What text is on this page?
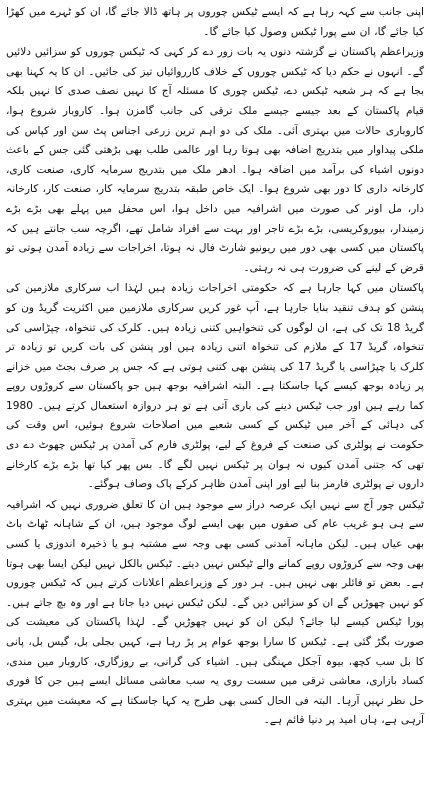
اپنی جانب سے کہہ رہا ہے کہ ایسے ٹیکس چوروں پر ہاتھ ڈالا جائے گا، ان کو ٹہرے میں کھڑا کیا جائے گا، ان سے پورا ٹیکس وصول کیا جائے گا۔

وزیراعظم پاکستان نے گزشتہ دنوں یہ بات زور دے کر کہی کہ ٹیکس چوروں کو سزائیں دلائیں گے۔ انہوں نے حکم دیا کہ ٹیکس چوروں کے خلاف کارروائیاں تیز کی جائیں۔ ان کا یہ کہنا بھی بجا ہے کہ ہر شعبہ ٹیکس دے، ٹیکس چوری کا مسئلہ آج کا نہیں نصف صدی کا نہیں بلکہ قیام پاکستان کے بعد جیسے جیسے ملک ترقی کی جانب گامزن ہوا۔ کاروبار شروع ہوا، کاروباری حالات میں بہتری آئی۔ ملک کی دو اہم ترین زرعی اجناس پٹ سن اور کپاس کی ملکی پیداوار میں بتدریج اضافہ بھی ہوتا رہا اور عالمی طلب بھی بڑھتی گئی جس کے باعث دونوں اشیاء کی برآمد میں اضافہ ہوا۔ ادھر ملک میں بتدریج سرمایہ کاری، صنعت کاری، کارخانہ داری کا دور بھی شروع ہوا۔ ایک خاص طبقہ بتدریج سرمایہ کار، صنعت کار، کارخانہ دار، مل اونر کی صورت میں اشرافیہ میں داخل ہوا، اس محفل میں پہلے بھی بڑے بڑے زمیندار، بیوروکریسی، بڑے بڑے تاجر اور بہت سے افراد شامل تھے، اگرچہ سب جانتے ہیں کہ پاکستان میں کسی بھی دور میں ریونیو شارٹ فال نہ ہوتا، اخراجات سے زیادہ آمدن ہوتی تو قرض کے لینے کی ضرورت ہی نہ رہتی۔

پاکستان میں کہا جارہا ہے کہ حکومتی اخراجات زیادہ ہیں لہٰذا اب سرکاری ملازمین کی پنشن کو ہدف تنقید بنایا جارہا ہے، آپ غور کریں سرکاری ملازمین میں اکثریت گریڈ ون کو گریڈ 18 تک کی ہے، ان لوگوں کی تنخواہیں کتنی زیادہ ہیں۔ کلرک کی تنخواہ، چپڑاسی کی تنخواہ، گریڈ 17 کے ملازم کی تنخواہ اتنی زیادہ ہیں اور پنشن کی بات کریں تو زیادہ تر کلرک یا چپڑاسی یا گریڈ 17 کی پنشن بھی کتنی ہوتی ہے کہ جس پر صرف بجٹ میں خزانے پر زیادہ بوجھ کیسے کہا جاسکتا ہے۔ البتہ اشرافیہ بوجھ ہیں جو پاکستان سے کروڑوں روپے کما رہے ہیں اور جب ٹیکس دینے کی باری آتی ہے تو ہر دروازہ استعمال کرتے ہیں۔ 1980 کی دہائی کے آخر میں ٹیکس کے کسی شعبے میں اصلاحات شروع ہوئیں، اس وقت کی حکومت نے پولٹری کی صنعت کے فروغ کے لیے، پولٹری فارم کی آمدن پر ٹیکس چھوٹ دے دی تھی کہ جتنی آمدن کیوں نہ ہوان پر ٹیکس نہیں لگے گا۔ بس پھر کیا تھا بڑے بڑے کارخانے داروں نے پولٹری فارمز بنا لیے اور اپنی آمدن ظاہر کرکے پاک وصاف ہوگئے۔

ٹیکس چور آج سے نہیں ایک عرصہ دراز سے موجود ہیں ان کا تعلق ضروری نہیں کہ اشرافیہ سے ہی ہو غریب عام کی صفوں میں بھی ایسے لوگ موجود ہیں، ان کے شاہانہ ٹھاٹ باٹ بھی عیاں ہیں۔ لیکن ماہانہ آمدنی کسی بھی وجہ سے مشتبہ ہو یا ذخیرہ اندوزی یا کسی بھی وجہ سے کروڑوں روپے کمانے والے ٹیکس نہیں دیتے۔ ٹیکس بالکل نہیں لیکن ایسا بھی ہوتا ہے۔ بعض تو فائلر بھی نہیں ہیں۔ ہر دور کے وزیراعظم اعلانات کرتے ہیں کہ ٹیکس چوروں کو نہیں چھوڑیں گے ان کو سزائیں دیں گے۔ لیکن ٹیکس نہیں دیا جاتا ہے اور وہ بچ جاتے ہیں۔ پورا ٹیکس کیسے لیا جائے؟ لیکن ان کو نہیں چھوڑیں گے۔ لہٰذا پاکستان کی معیشت کی صورت بگڑ گئی ہے۔ ٹیکس کا سارا بوجھ عوام پر پڑ رہا ہے، کہیں بجلی بل، گیس بل، پانی کا بل سب کچھ، بیوہ آجکل مہنگی ہیں۔ اشیاء کی گرانی، بے روزگاری، کاروبار میں مندی، کساد بازاری، معاشی ترقی میں سست روی یہ سب معاشی مسائل ایسے ہیں جن کا فوری حل نظر نہیں آرہا۔ البتہ فی الحال کسی بھی طرح یہ کہا جاسکتا ہے کہ معیشت میں بہتری آرہی ہے، ہاں امید پر دنیا قائم ہے۔
